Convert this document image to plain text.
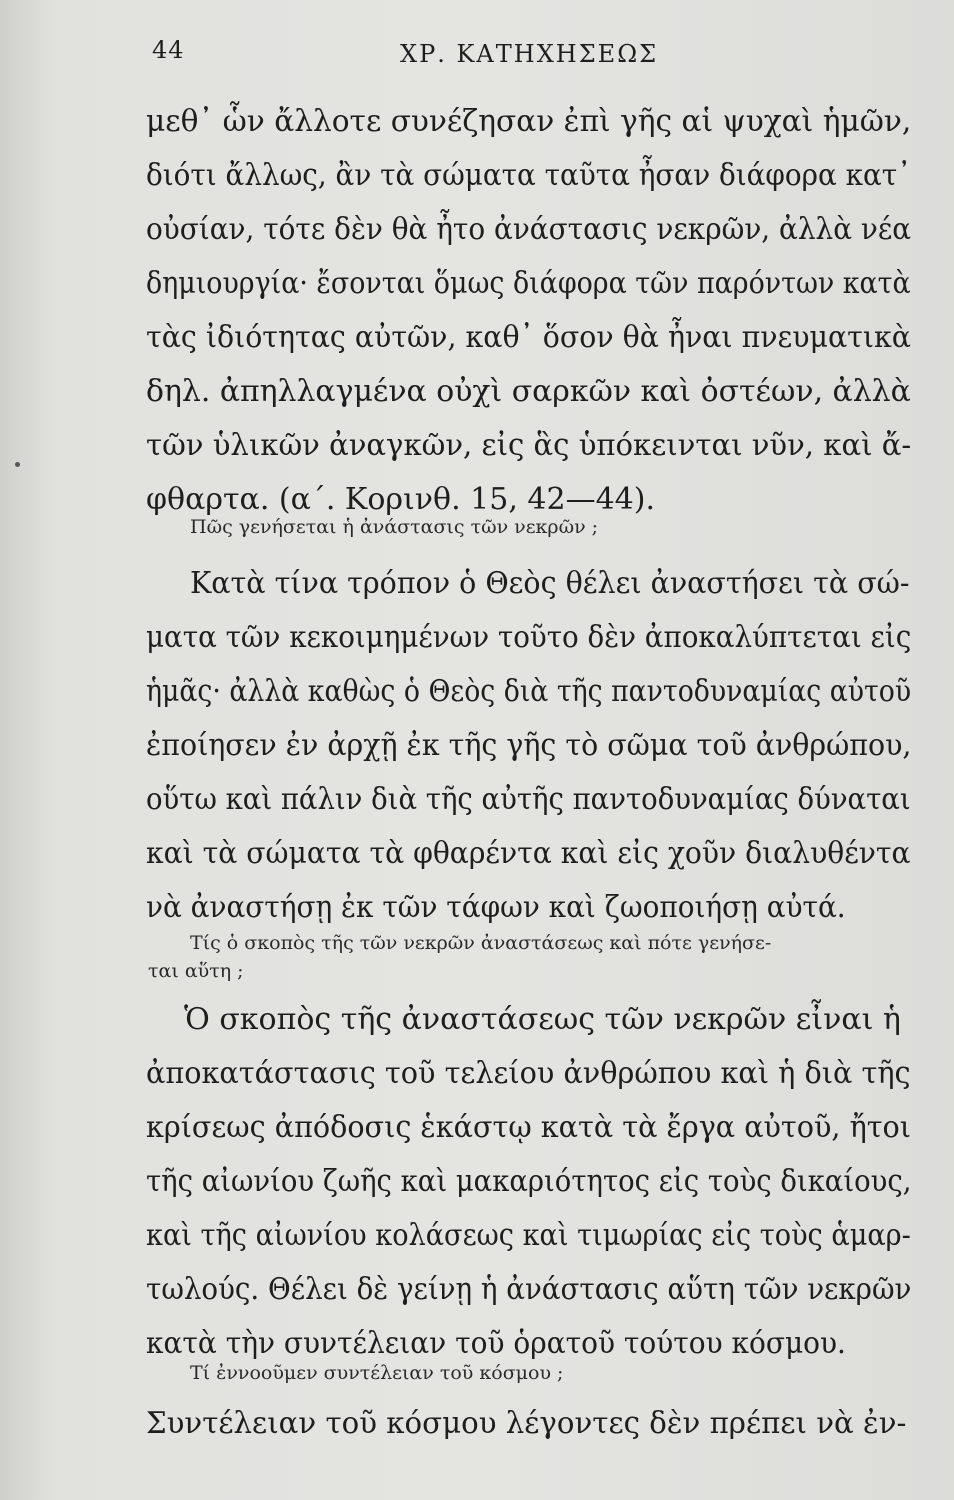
44	ΧΡ. ΚΑΤΗΧΗΣΕΩΣ
μεθ᾽ ὧν ἄλλοτε συνέζησαν ἐπὶ γῆς αἱ ψυχαὶ ἡμῶν,
διότι ἄλλως, ἂν τὰ σώματα ταῦτα ἦσαν διάφορα κατ᾽
οὐσίαν, τότε δὲν θὰ ἦτο ἀνάστασις νεκρῶν, ἀλλὰ νέα
δημιουργία· ἔσονται ὅμως διάφορα τῶν παρόντων κατὰ
τὰς ἰδιότητας αὐτῶν, καθ᾽ ὅσον θὰ ἦναι πνευματικὰ
δηλ. ἀπηλλαγμένα οὐχὶ σαρκῶν καὶ ὀστέων, ἀλλὰ
τῶν ὑλικῶν ἀναγκῶν, εἰς ἃς ὑπόκεινται νῦν, καὶ ἄ-
φθαρτα. (α΄. Κορινθ. 15, 42—44).
Πῶς γενήσεται ἡ ἀνάστασις τῶν νεκρῶν ;
Κατὰ τίνα τρόπον ὁ Θεὸς θέλει ἀναστήσει τὰ σώ-
ματα τῶν κεκοιμημένων τοῦτο δὲν ἀποκαλύπτεται εἰς
ἡμᾶς· ἀλλὰ καθὼς ὁ Θεὸς διὰ τῆς παντοδυναμίας αὐτοῦ
ἐποίησεν ἐν ἀρχῇ ἐκ τῆς γῆς τὸ σῶμα τοῦ ἀνθρώπου,
οὕτω καὶ πάλιν διὰ τῆς αὐτῆς παντοδυναμίας δύναται
καὶ τὰ σώματα τὰ φθαρέντα καὶ εἰς χοῦν διαλυθέντα
νὰ ἀναστήσῃ ἐκ τῶν τάφων καὶ ζωοποιήσῃ αὐτά.
Τίς ὁ σκοπὸς τῆς τῶν νεκρῶν ἀναστάσεως καὶ πότε γενήσε-
ται αὕτη ;
Ὁ σκοπὸς τῆς ἀναστάσεως τῶν νεκρῶν εἶναι ἡ
ἀποκατάστασις τοῦ τελείου ἀνθρώπου καὶ ἡ διὰ τῆς
κρίσεως ἀπόδοσις ἑκάστῳ κατὰ τὰ ἔργα αὐτοῦ, ἤτοι
τῆς αἰωνίου ζωῆς καὶ μακαριότητος εἰς τοὺς δικαίους,
καὶ τῆς αἰωνίου κολάσεως καὶ τιμωρίας εἰς τοὺς ἁμαρ-
τωλούς. Θέλει δὲ γείνῃ ἡ ἀνάστασις αὕτη τῶν νεκρῶν
κατὰ τὴν συντέλειαν τοῦ ὁρατοῦ τούτου κόσμου.
Τί ἐννοοῦμεν συντέλειαν τοῦ κόσμου ;
Συντέλειαν τοῦ κόσμου λέγοντες δὲν πρέπει νὰ ἐν-
